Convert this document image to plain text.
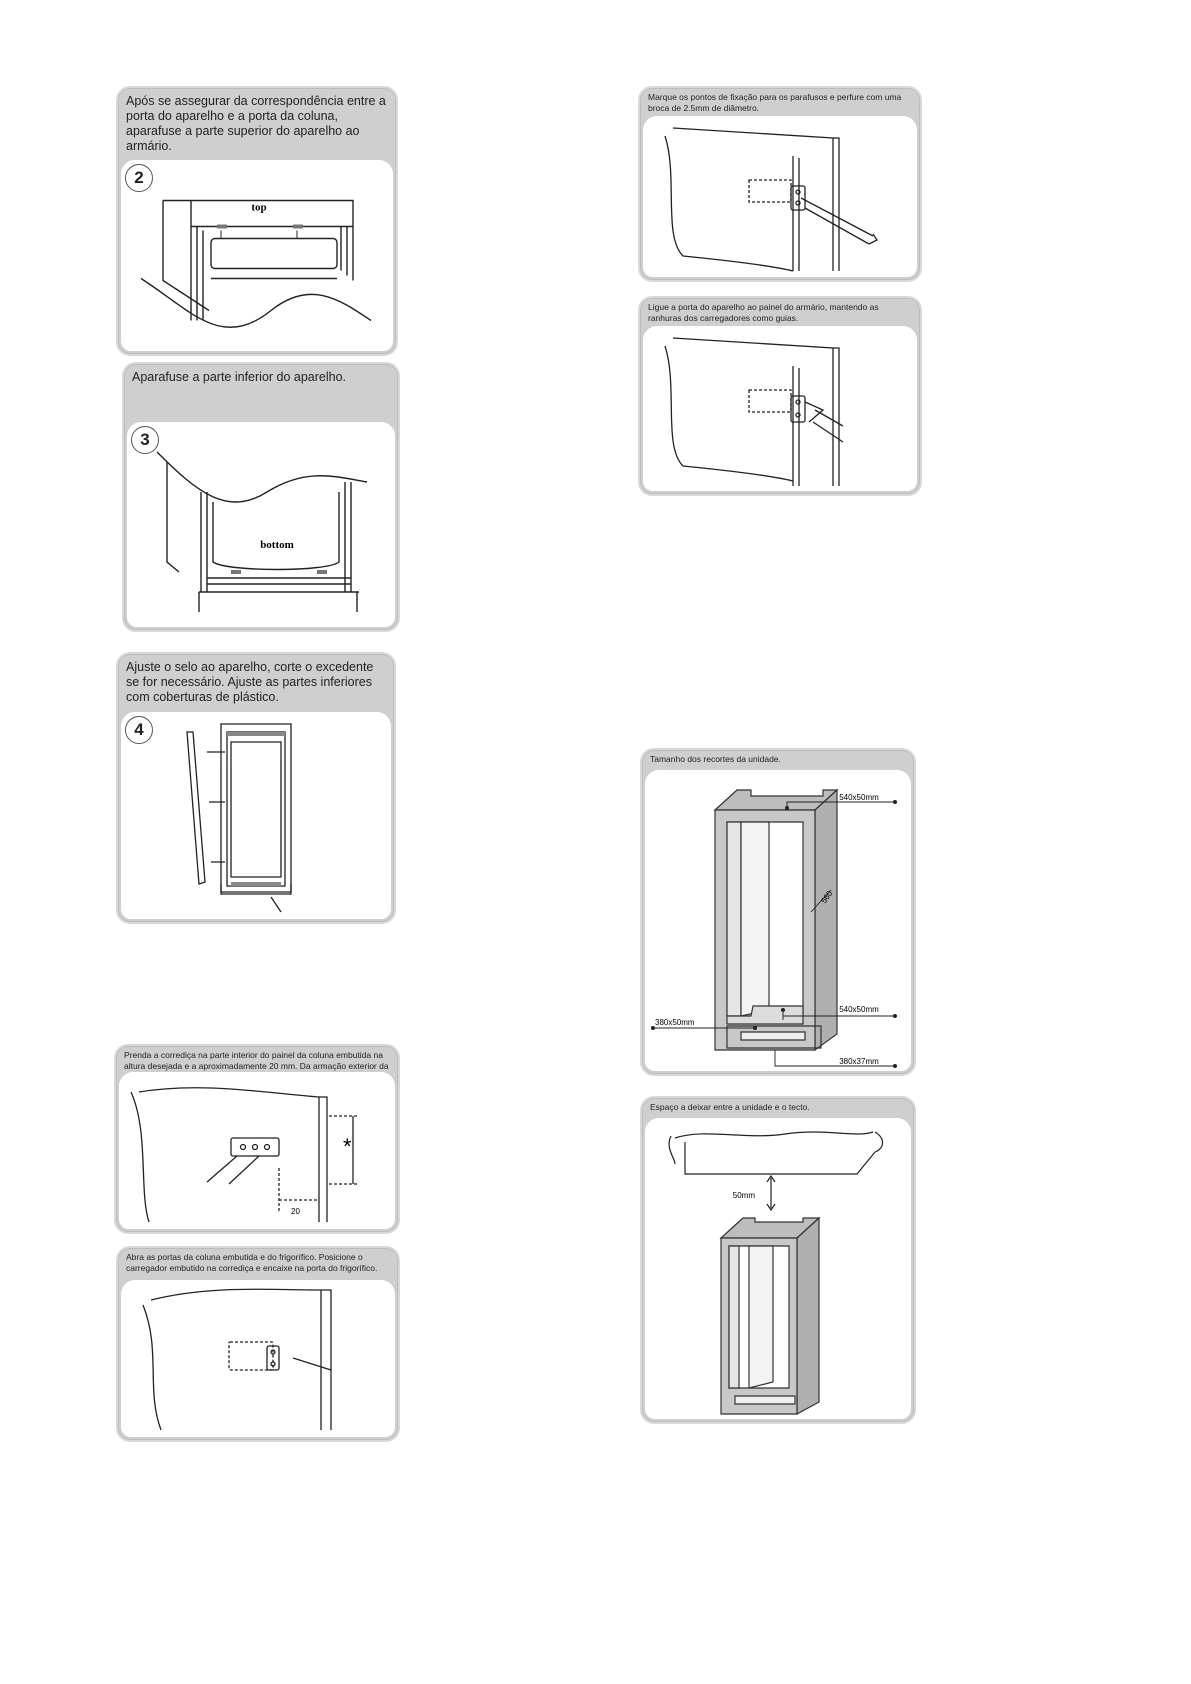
Após se assegurar da correspondência entre a porta do aparelho e a porta da coluna, aparafuse a parte superior do aparelho ao armário.
2
top
Aparafuse a parte inferior do aparelho.
3
bottom
Ajuste o selo ao aparelho, corte o excedente se for necessário. Ajuste as partes inferiores com coberturas de plástico.
4
Prenda a corrediça na parte interior do painel da coluna embutida na altura desejada e a aproximadamente 20 mm. Da armação exterior da
*
20
Abra as portas da coluna embutida e do frigorífico. Posicione o carregador embutido na corrediça e encaixe na porta do frigorífico.
Marque os pontos de fixação para os parafusos e perfure com uma broca de 2.5mm de diâmetro.
Ligue a porta do aparelho ao painel do armário, mantendo as ranhuras dos carregadores como guias.
Tamanho dos recortes da unidade.
540x50mm
560
540x50mm
380x50mm
380x37mm
Espaço a deixar entre a unidade e o tecto.
50mm
